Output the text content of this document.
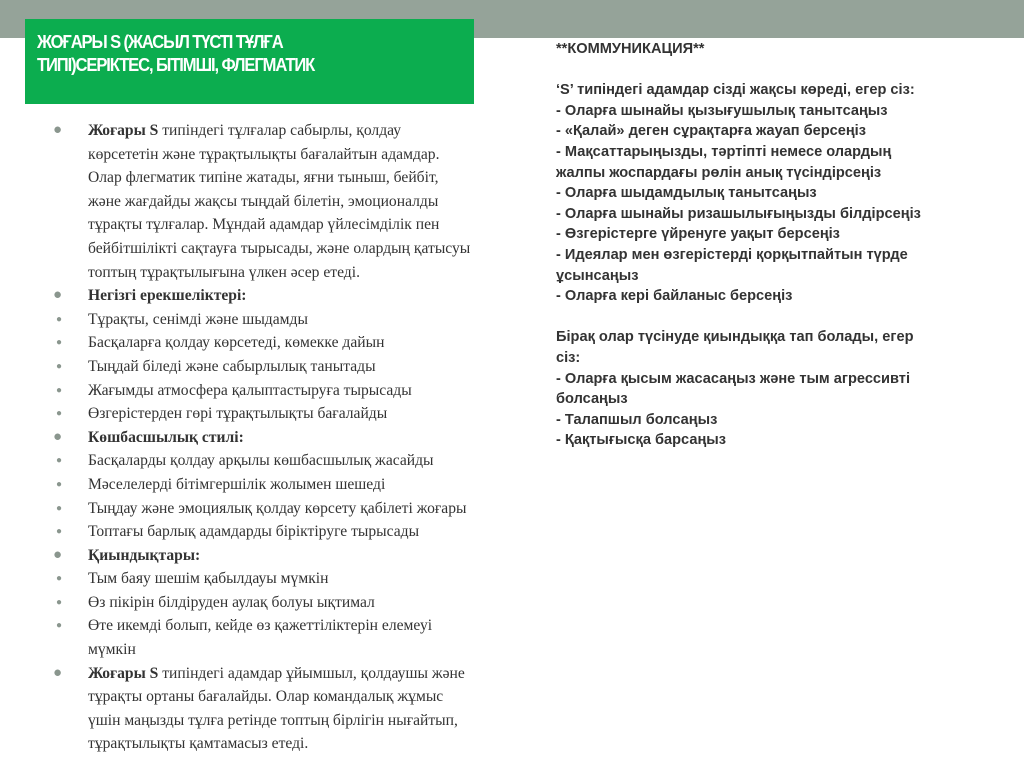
ЖОҒАРЫ S (ЖАСЫЛ ТҮСТІ ТҰЛҒА
ТИПІ)СЕРІКТЕС, БІТІМШІ, ФЛЕГМАТИК
● Жоғары S типіндегі тұлғалар сабырлы, қолдау
көрсететін және тұрақтылықты бағалайтын адамдар.
Олар флегматик типіне жатады, яғни тыныш, бейбіт,
және жағдайды жақсы тыңдай білетін, эмоционалды
тұрақты тұлғалар. Мұндай адамдар үйлесімділік пен
бейбітшілікті сақтауға тырысады, және олардың қатысуы
топтың тұрақтылығына үлкен әсер етеді.
● Негізгі ерекшеліктері:
● Тұрақты, сенімді және шыдамды
● Басқаларға қолдау көрсетеді, көмекке дайын
● Тыңдай біледі және сабырлылық танытады
● Жағымды атмосфера қалыптастыруға тырысады
● Өзгерістерден гөрі тұрақтылықты бағалайды
● Көшбасшылық стилі:
● Басқаларды қолдау арқылы көшбасшылық жасайды
● Мәселелерді бітімгершілік жолымен шешеді
● Тыңдау және эмоциялық қолдау көрсету қабілеті жоғары
● Топтағы барлық адамдарды біріктіруге тырысады
● Қиындықтары:
● Тым баяу шешім қабылдауы мүмкін
● Өз пікірін білдіруден аулақ болуы ықтимал
● Өте икемді болып, кейде өз қажеттіліктерін елемеуі
мүмкін
● Жоғары S типіндегі адамдар ұйымшыл, қолдаушы және
тұрақты ортаны бағалайды. Олар командалық жұмыс
үшін маңызды тұлға ретінде топтың бірлігін нығайтып,
тұрақтылықты қамтамасыз етеді.
**КОММУНИКАЦИЯ**
‘S’ типіндегі адамдар сізді жақсы көреді, егер сіз:
- Оларға шынайы қызығушылық танытсаңыз
- «Қалай» деген сұрақтарға жауап берсеңіз
- Мақсаттарыңызды, тәртіпті немесе олардың
жалпы жоспардағы рөлін анық түсіндірсеңіз
- Оларға шыдамдылық танытсаңыз
- Оларға шынайы ризашылығыңызды білдірсеңіз
- Өзгерістерге үйренуге уақыт берсеңіз
- Идеялар мен өзгерістерді қорқытпайтын түрде
ұсынсаңыз
- Оларға кері байланыс берсеңіз
Бірақ олар түсінуде қиындыққа тап болады, егер
сіз:
- Оларға қысым жасасаңыз және тым агрессивті
болсаңыз
- Талапшыл болсаңыз
- Қақтығысқа барсаңыз
